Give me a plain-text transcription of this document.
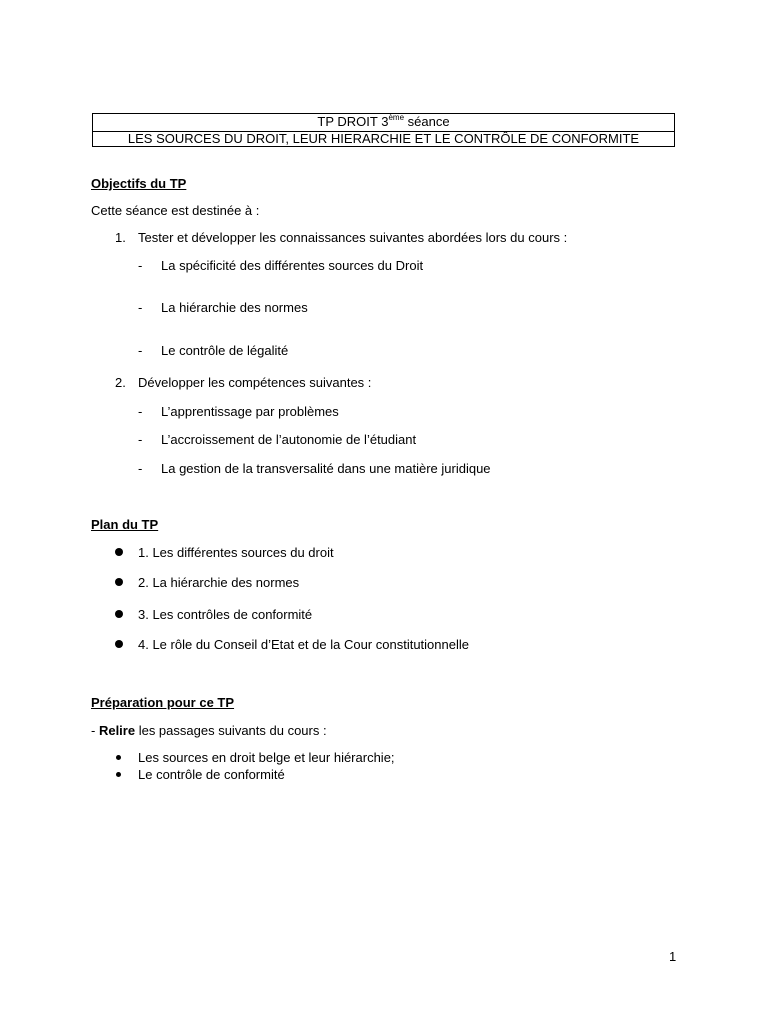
TP DROIT 3ème séance
LES SOURCES DU DROIT, LEUR HIERARCHIE ET LE CONTRÔLE DE CONFORMITE
Objectifs du TP
Cette séance est destinée à :
1. Tester et développer les connaissances suivantes abordées lors du cours :
- La spécificité des différentes sources du Droit
- La hiérarchie des normes
- Le contrôle de légalité
2. Développer les compétences suivantes :
- L’apprentissage par problèmes
- L’accroissement de l’autonomie de l’étudiant
- La gestion de la transversalité dans une matière juridique
Plan du TP
1. Les différentes sources du droit
2. La hiérarchie des normes
3. Les contrôles de conformité
4. Le rôle du Conseil d’Etat et de la Cour constitutionnelle
Préparation pour ce TP
- Relire les passages suivants du cours :
Les sources en droit belge et leur hiérarchie;
Le contrôle de conformité
1
